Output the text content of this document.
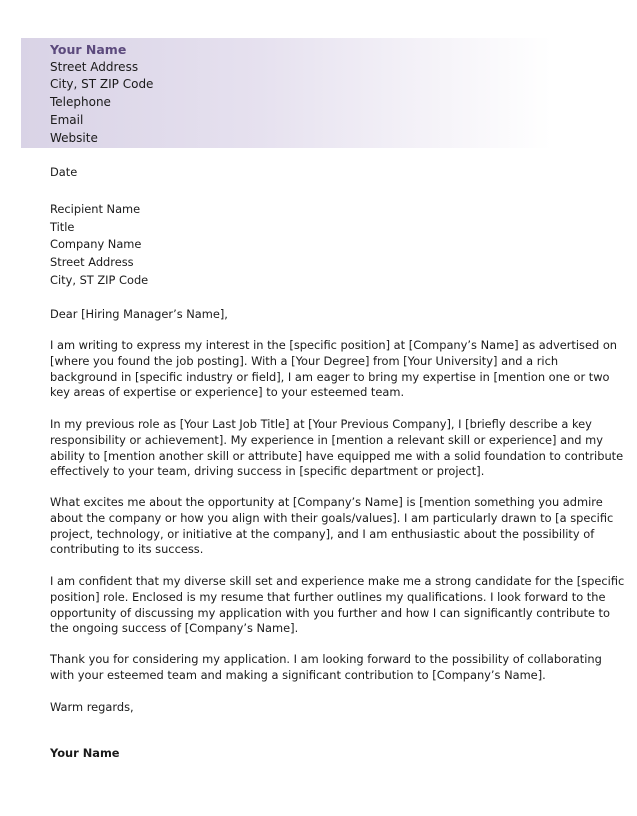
Your Name
Street Address
City, ST ZIP Code
Telephone
Email
Website
Date
Recipient Name
Title
Company Name
Street Address
City, ST ZIP Code
Dear [Hiring Manager’s Name],
I am writing to express my interest in the [specific position] at [Company’s Name] as advertised on
[where you found the job posting]. With a [Your Degree] from [Your University] and a rich
background in [specific industry or field], I am eager to bring my expertise in [mention one or two
key areas of expertise or experience] to your esteemed team.
In my previous role as [Your Last Job Title] at [Your Previous Company], I [briefly describe a key
responsibility or achievement]. My experience in [mention a relevant skill or experience] and my
ability to [mention another skill or attribute] have equipped me with a solid foundation to contribute
effectively to your team, driving success in [specific department or project].
What excites me about the opportunity at [Company’s Name] is [mention something you admire
about the company or how you align with their goals/values]. I am particularly drawn to [a specific
project, technology, or initiative at the company], and I am enthusiastic about the possibility of
contributing to its success.
I am confident that my diverse skill set and experience make me a strong candidate for the [specific
position] role. Enclosed is my resume that further outlines my qualifications. I look forward to the
opportunity of discussing my application with you further and how I can significantly contribute to
the ongoing success of [Company’s Name].
Thank you for considering my application. I am looking forward to the possibility of collaborating
with your esteemed team and making a significant contribution to [Company’s Name].
Warm regards,
Your Name
